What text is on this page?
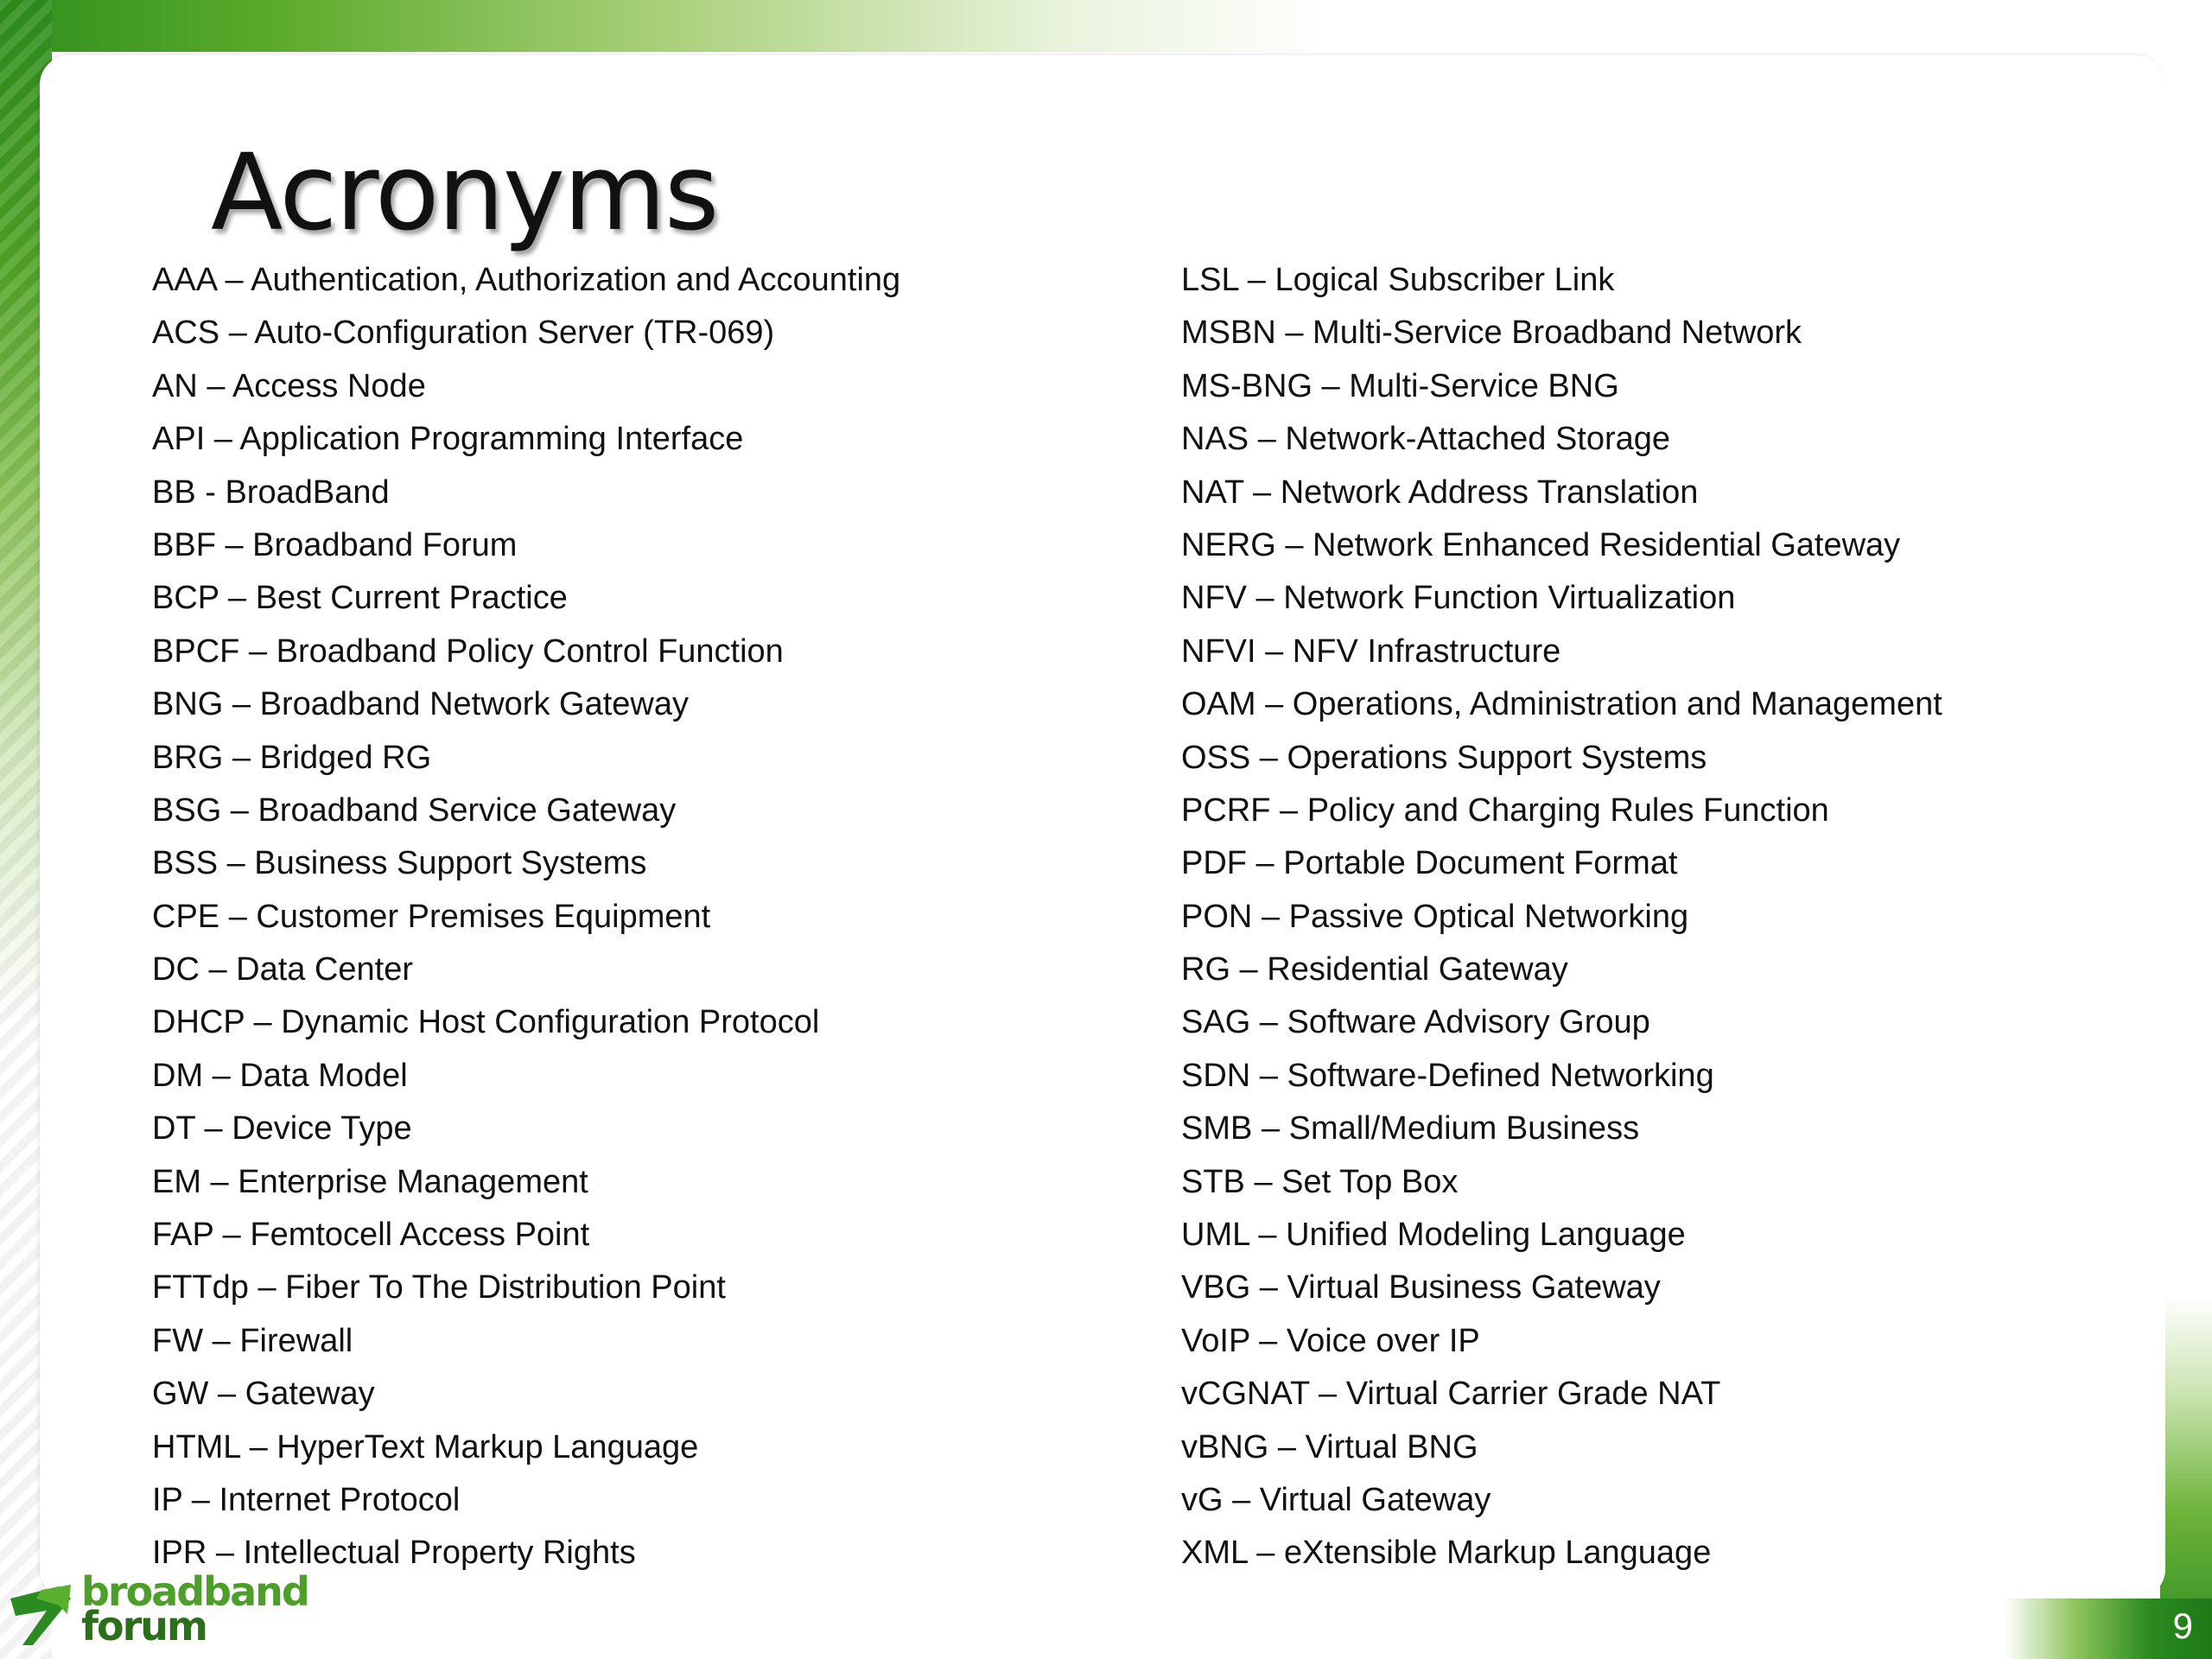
Acronyms
AAA – Authentication, Authorization and Accounting
ACS – Auto-Configuration Server (TR-069)
AN – Access Node
API – Application Programming Interface
BB - BroadBand
BBF – Broadband Forum
BCP – Best Current Practice
BPCF – Broadband Policy Control Function
BNG – Broadband Network Gateway
BRG – Bridged RG
BSG – Broadband Service Gateway
BSS – Business Support Systems
CPE – Customer Premises Equipment
DC – Data Center
DHCP – Dynamic Host Configuration Protocol
DM – Data Model
DT – Device Type
EM – Enterprise Management
FAP – Femtocell Access Point
FTTdp – Fiber To The Distribution Point
FW – Firewall
GW – Gateway
HTML – HyperText Markup Language
IP – Internet Protocol
IPR – Intellectual Property Rights
LSL – Logical Subscriber Link
MSBN – Multi-Service Broadband Network
MS-BNG – Multi-Service BNG
NAS – Network-Attached Storage
NAT – Network Address Translation
NERG – Network Enhanced Residential Gateway
NFV – Network Function Virtualization
NFVI – NFV Infrastructure
OAM – Operations, Administration and Management
OSS – Operations Support Systems
PCRF – Policy and Charging Rules Function
PDF – Portable Document Format
PON – Passive Optical Networking
RG – Residential Gateway
SAG – Software Advisory Group
SDN – Software-Defined Networking
SMB – Small/Medium Business
STB – Set Top Box
UML – Unified Modeling Language
VBG – Virtual Business Gateway
VoIP – Voice over IP
vCGNAT – Virtual Carrier Grade NAT
vBNG – Virtual BNG
vG – Virtual Gateway
XML – eXtensible Markup Language
broadband
forum	9
